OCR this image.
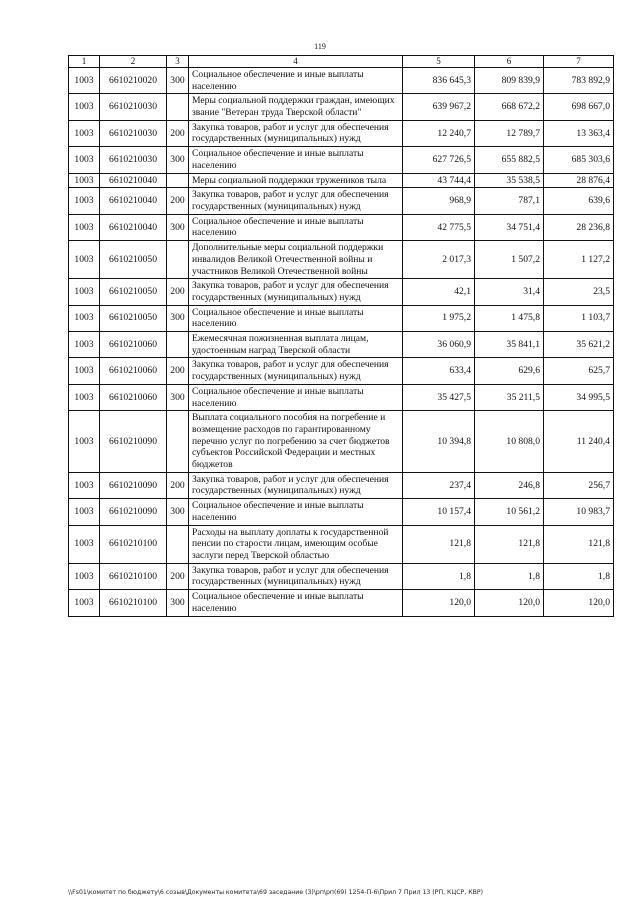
119
1	2	3	4	5	6	7
1003	6610210020	300	Социальное обеспечение и иные выплаты населению	836 645,3	809 839,9	783 892,9
1003	6610210030		Меры социальной поддержки граждан, имеющих звание "Ветеран труда Тверской области"	639 967,2	668 672,2	698 667,0
1003	6610210030	200	Закупка товаров, работ и услуг для обеспечения государственных (муниципальных) нужд	12 240,7	12 789,7	13 363,4
1003	6610210030	300	Социальное обеспечение и иные выплаты населению	627 726,5	655 882,5	685 303,6
1003	6610210040		Меры социальной поддержки тружеников тыла	43 744,4	35 538,5	28 876,4
1003	6610210040	200	Закупка товаров, работ и услуг для обеспечения государственных (муниципальных) нужд	968,9	787,1	639,6
1003	6610210040	300	Социальное обеспечение и иные выплаты населению	42 775,5	34 751,4	28 236,8
1003	6610210050		Дополнительные меры социальной поддержки инвалидов Великой Отечественной войны и участников Великой Отечественной войны	2 017,3	1 507,2	1 127,2
1003	6610210050	200	Закупка товаров, работ и услуг для обеспечения государственных (муниципальных) нужд	42,1	31,4	23,5
1003	6610210050	300	Социальное обеспечение и иные выплаты населению	1 975,2	1 475,8	1 103,7
1003	6610210060		Ежемесячная пожизненная выплата лицам, удостоенным наград Тверской области	36 060,9	35 841,1	35 621,2
1003	6610210060	200	Закупка товаров, работ и услуг для обеспечения государственных (муниципальных) нужд	633,4	629,6	625,7
1003	6610210060	300	Социальное обеспечение и иные выплаты населению	35 427,5	35 211,5	34 995,5
1003	6610210090		Выплата социального пособия на погребение и возмещение расходов по гарантированному перечню услуг по погребению за счет бюджетов субъектов Российской Федерации и местных бюджетов	10 394,8	10 808,0	11 240,4
1003	6610210090	200	Закупка товаров, работ и услуг для обеспечения государственных (муниципальных) нужд	237,4	246,8	256,7
1003	6610210090	300	Социальное обеспечение и иные выплаты населению	10 157,4	10 561,2	10 983,7
1003	6610210100		Расходы на выплату доплаты к государственной пенсии по старости лицам, имеющим особые заслуги перед Тверской областью	121,8	121,8	121,8
1003	6610210100	200	Закупка товаров, работ и услуг для обеспечения государственных (муниципальных) нужд	1,8	1,8	1,8
1003	6610210100	300	Социальное обеспечение и иные выплаты населению	120,0	120,0	120,0
\\Fs01\комитет по бюджету\6 созыв\Документы комитета\69 заседание (3)\рп\рп(69) 1254-П-6\Прил 7 Прил 13 (РП, КЦСР, КВР)
